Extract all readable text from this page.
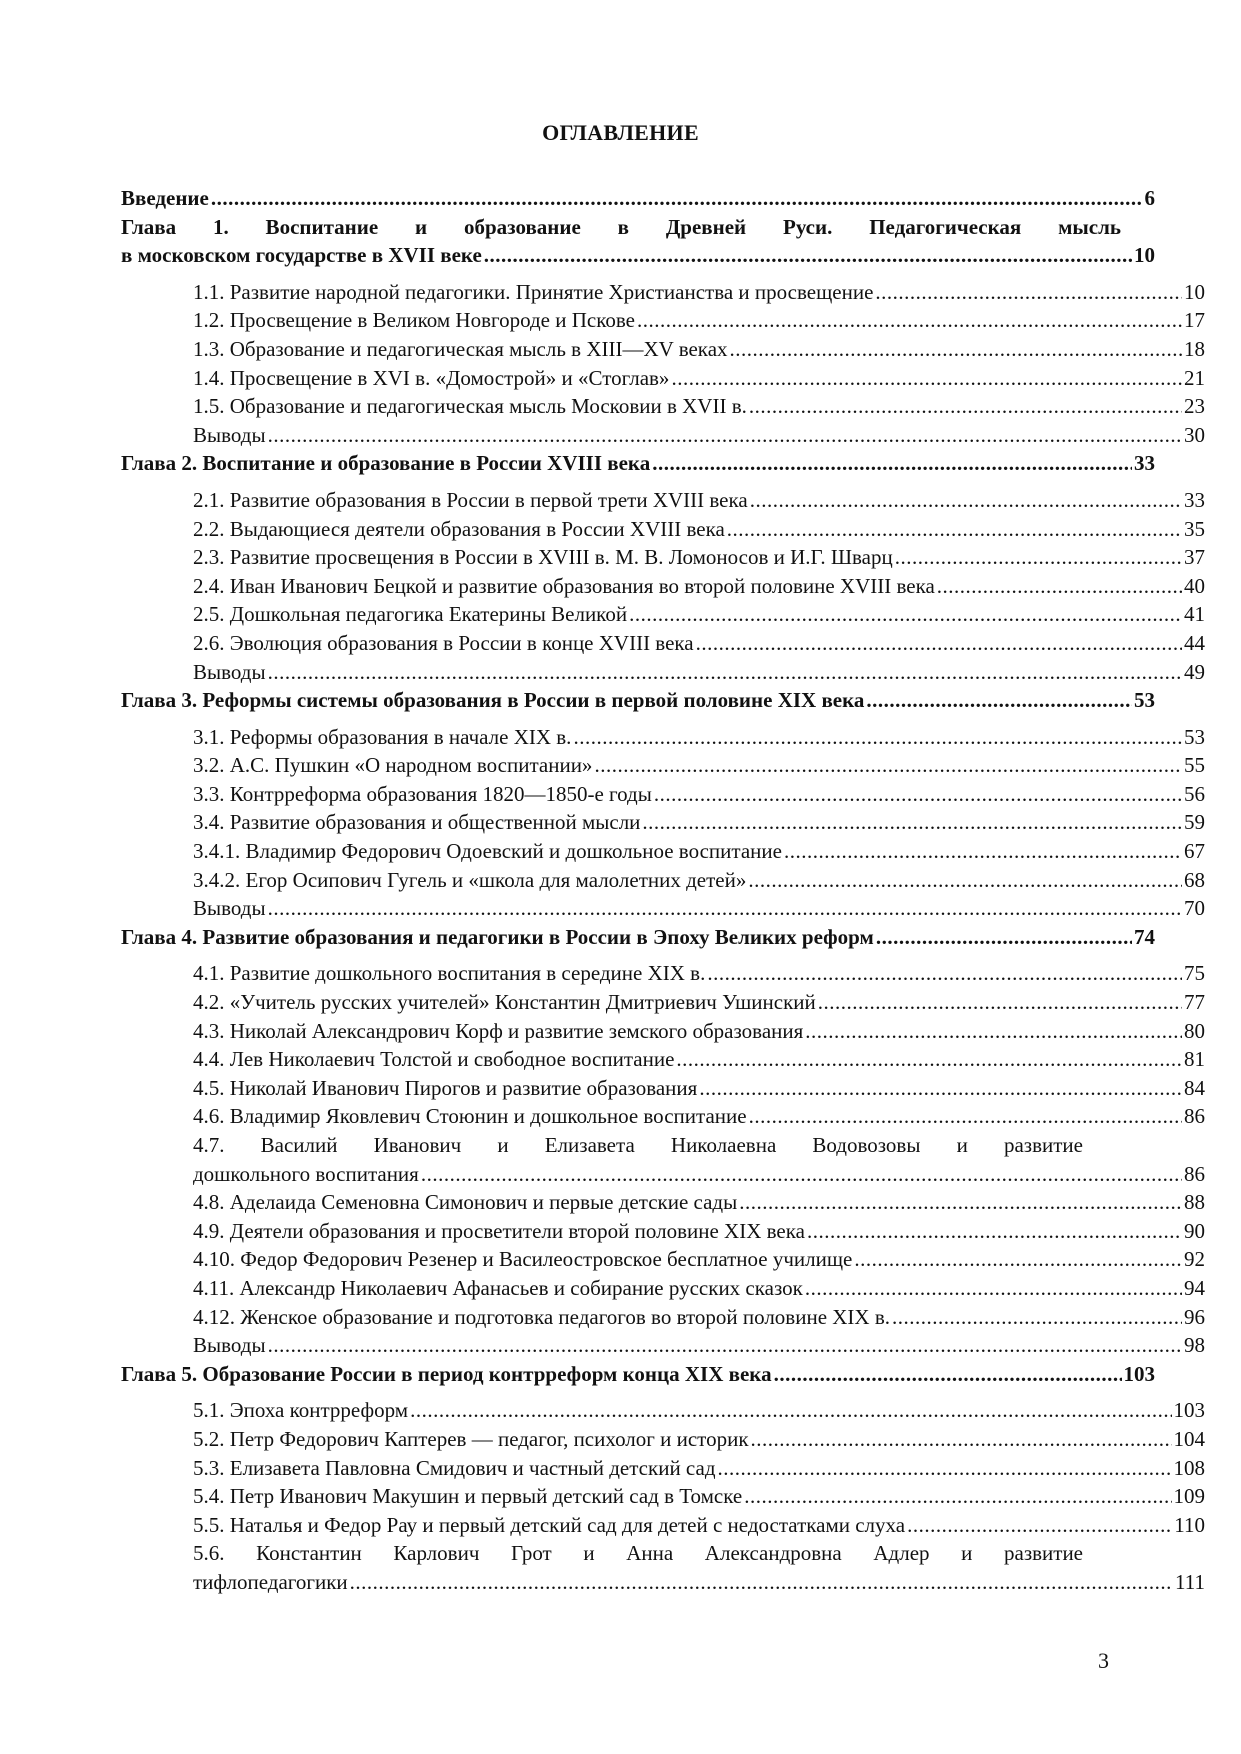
ОГЛАВЛЕНИЕ
Введение .....	6
Глава 1. Воспитание и образование в Древней Руси. Педагогическая мысль
в московском государстве в XVII веке .....	10
1.1. Развитие народной педагогики. Принятие Христианства и просвещение .....	10
1.2. Просвещение в Великом Новгороде и Пскове .....	17
1.3. Образование и педагогическая мысль в XIII—XV веках .....	18
1.4. Просвещение в XVI в. «Домострой» и «Стоглав» .....	21
1.5. Образование и педагогическая мысль Московии в XVII в. .....	23
Выводы .....	30
Глава 2. Воспитание и образование в России XVIII века .....	33
2.1. Развитие образования в России в первой трети XVIII века .....	33
2.2. Выдающиеся деятели образования в России XVIII века .....	35
2.3. Развитие просвещения в России в XVIII в. М. В. Ломоносов и И.Г. Шварц .....	37
2.4. Иван Иванович Бецкой и развитие образования во второй половине XVIII века .....	40
2.5. Дошкольная педагогика Екатерины Великой .....	41
2.6. Эволюция образования в России в конце XVIII века .....	44
Выводы .....	49
Глава 3. Реформы системы образования в России в первой половине XIX века .....	53
3.1. Реформы образования в начале XIX в. .....	53
3.2. А.С. Пушкин «О народном воспитании» .....	55
3.3. Контрреформа образования 1820—1850-е годы .....	56
3.4. Развитие образования и общественной мысли .....	59
3.4.1. Владимир Федорович Одоевский и дошкольное воспитание .....	67
3.4.2. Егор Осипович Гугель и «школа для малолетних детей» .....	68
Выводы .....	70
Глава 4. Развитие образования и педагогики в России в Эпоху Великих реформ .....	74
4.1. Развитие дошкольного воспитания в середине XIX в. .....	75
4.2. «Учитель русских учителей» Константин Дмитриевич Ушинский .....	77
4.3. Николай Александрович Корф и развитие земского образования .....	80
4.4. Лев Николаевич Толстой и свободное воспитание .....	81
4.5. Николай Иванович Пирогов и развитие образования .....	84
4.6. Владимир Яковлевич Стоюнин и дошкольное воспитание .....	86
4.7. Василий Иванович и Елизавета Николаевна Водовозовы и развитие
дошкольного воспитания .....	86
4.8. Аделаида Семеновна Симонович и первые детские сады .....	88
4.9. Деятели образования и просветители второй половине XIX века .....	90
4.10. Федор Федорович Резенер и Василеостровское бесплатное училище .....	92
4.11. Александр Николаевич Афанасьев и собирание русских сказок .....	94
4.12. Женское образование и подготовка педагогов во второй половине XIX в. .....	96
Выводы .....	98
Глава 5. Образование России в период контрреформ конца XIX века .....	103
5.1. Эпоха контрреформ .....	103
5.2. Петр Федорович Каптерев — педагог, психолог и историк .....	104
5.3. Елизавета Павловна Смидович и частный детский сад .....	108
5.4. Петр Иванович Макушин и первый детский сад в Томске .....	109
5.5. Наталья и Федор Рау и первый детский сад для детей с недостатками слуха .....	110
5.6. Константин Карлович Грот и Анна Александровна Адлер и развитие
тифлопедагогики .....	111
3
